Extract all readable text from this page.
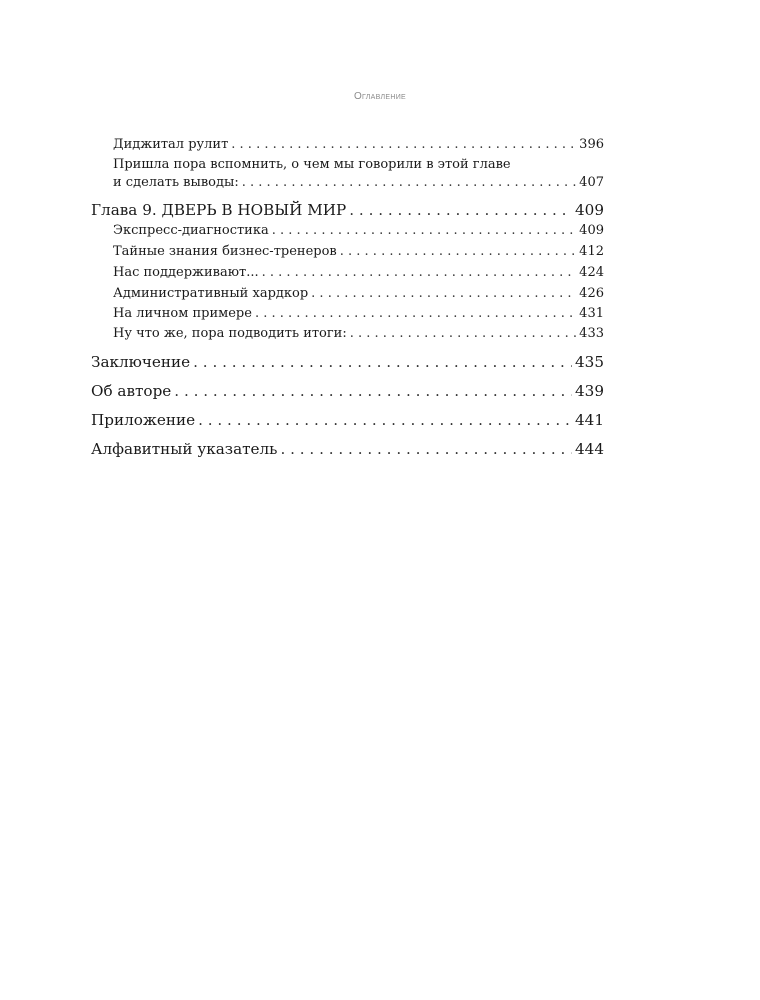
Оглавление
Диджитал рулит . . .	396
Пришла пора вспомнить, о чем мы говорили в этой главе
и сделать выводы: . . .	407
Глава 9. ДВЕРЬ В НОВЫЙ МИР . . .	409
Экспресс-диагностика . . .	409
Тайные знания бизнес-тренеров . . .	412
Нас поддерживают... . . .	424
Административный хардкор . . .	426
На личном примере . . .	431
Ну что же, пора подводить итоги: . . .	433
Заключение . . .	435
Об авторе . . .	439
Приложение . . .	441
Алфавитный указатель . . .	444
